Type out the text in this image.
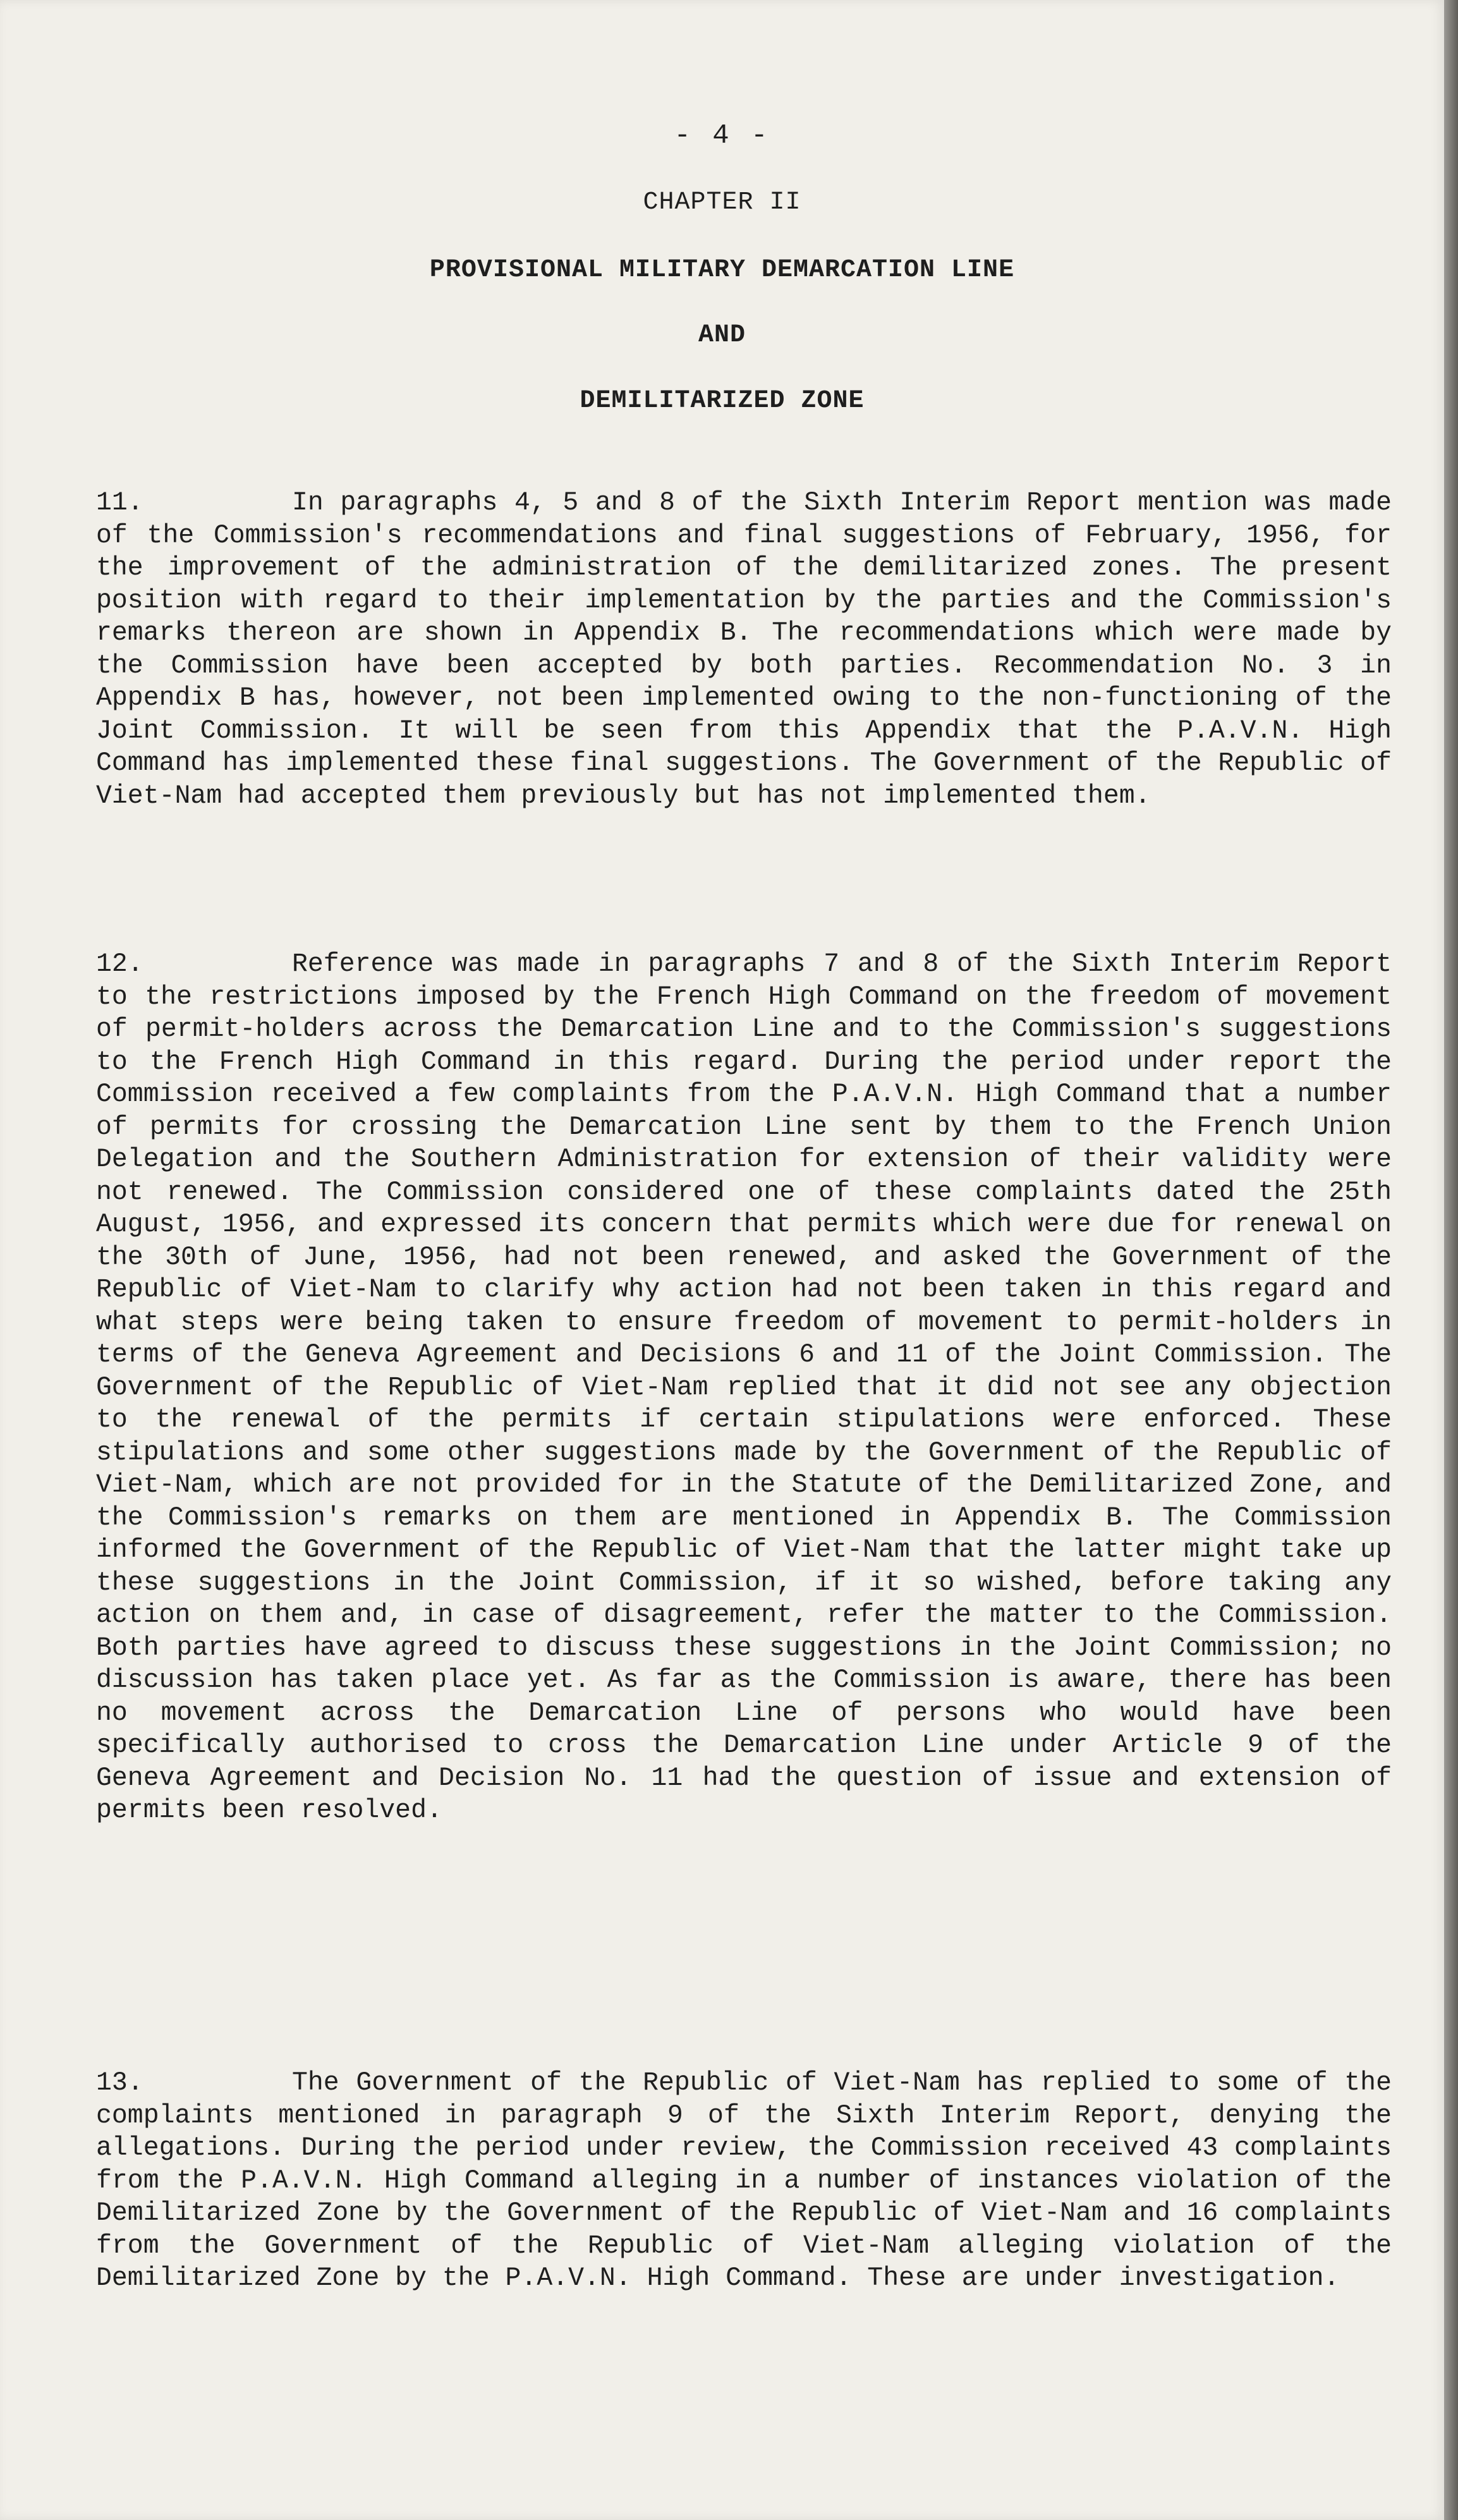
- 4 -
CHAPTER II
PROVISIONAL MILITARY DEMARCATION LINE
AND
DEMILITARIZED ZONE
11.	In paragraphs 4, 5 and 8 of the Sixth Interim Report mention was made of the Commission's recommendations and final suggestions of February, 1956, for the improvement of the administration of the demilitarized zones. The present position with regard to their implementation by the parties and the Commission's remarks thereon are shown in Appendix B. The recommendations which were made by the Commission have been accepted by both parties. Recommendation No. 3 in Appendix B has, however, not been implemented owing to the non-functioning of the Joint Commission. It will be seen from this Appendix that the P.A.V.N. High Command has implemented these final suggestions. The Government of the Republic of Viet-Nam had accepted them previously but has not implemented them.
12.	Reference was made in paragraphs 7 and 8 of the Sixth Interim Report to the restrictions imposed by the French High Command on the freedom of movement of permit-holders across the Demarcation Line and to the Commission's suggestions to the French High Command in this regard. During the period under report the Commission received a few complaints from the P.A.V.N. High Command that a number of permits for crossing the Demarcation Line sent by them to the French Union Delegation and the Southern Administration for extension of their validity were not renewed. The Commission considered one of these complaints dated the 25th August, 1956, and expressed its concern that permits which were due for renewal on the 30th of June, 1956, had not been renewed, and asked the Government of the Republic of Viet-Nam to clarify why action had not been taken in this regard and what steps were being taken to ensure freedom of movement to permit-holders in terms of the Geneva Agreement and Decisions 6 and 11 of the Joint Commission. The Government of the Republic of Viet-Nam replied that it did not see any objection to the renewal of the permits if certain stipulations were enforced. These stipulations and some other suggestions made by the Government of the Republic of Viet-Nam, which are not provided for in the Statute of the Demilitarized Zone, and the Commission's remarks on them are mentioned in Appendix B. The Commission informed the Government of the Republic of Viet-Nam that the latter might take up these suggestions in the Joint Commission, if it so wished, before taking any action on them and, in case of disagreement, refer the matter to the Commission. Both parties have agreed to discuss these suggestions in the Joint Commission; no discussion has taken place yet. As far as the Commission is aware, there has been no movement across the Demarcation Line of persons who would have been specifically authorised to cross the Demarcation Line under Article 9 of the Geneva Agreement and Decision No. 11 had the question of issue and extension of permits been resolved.
13.	The Government of the Republic of Viet-Nam has replied to some of the complaints mentioned in paragraph 9 of the Sixth Interim Report, denying the allegations. During the period under review, the Commission received 43 complaints from the P.A.V.N. High Command alleging in a number of instances violation of the Demilitarized Zone by the Government of the Republic of Viet-Nam and 16 complaints from the Government of the Republic of Viet-Nam alleging violation of the Demilitarized Zone by the P.A.V.N. High Command. These are under investigation.
